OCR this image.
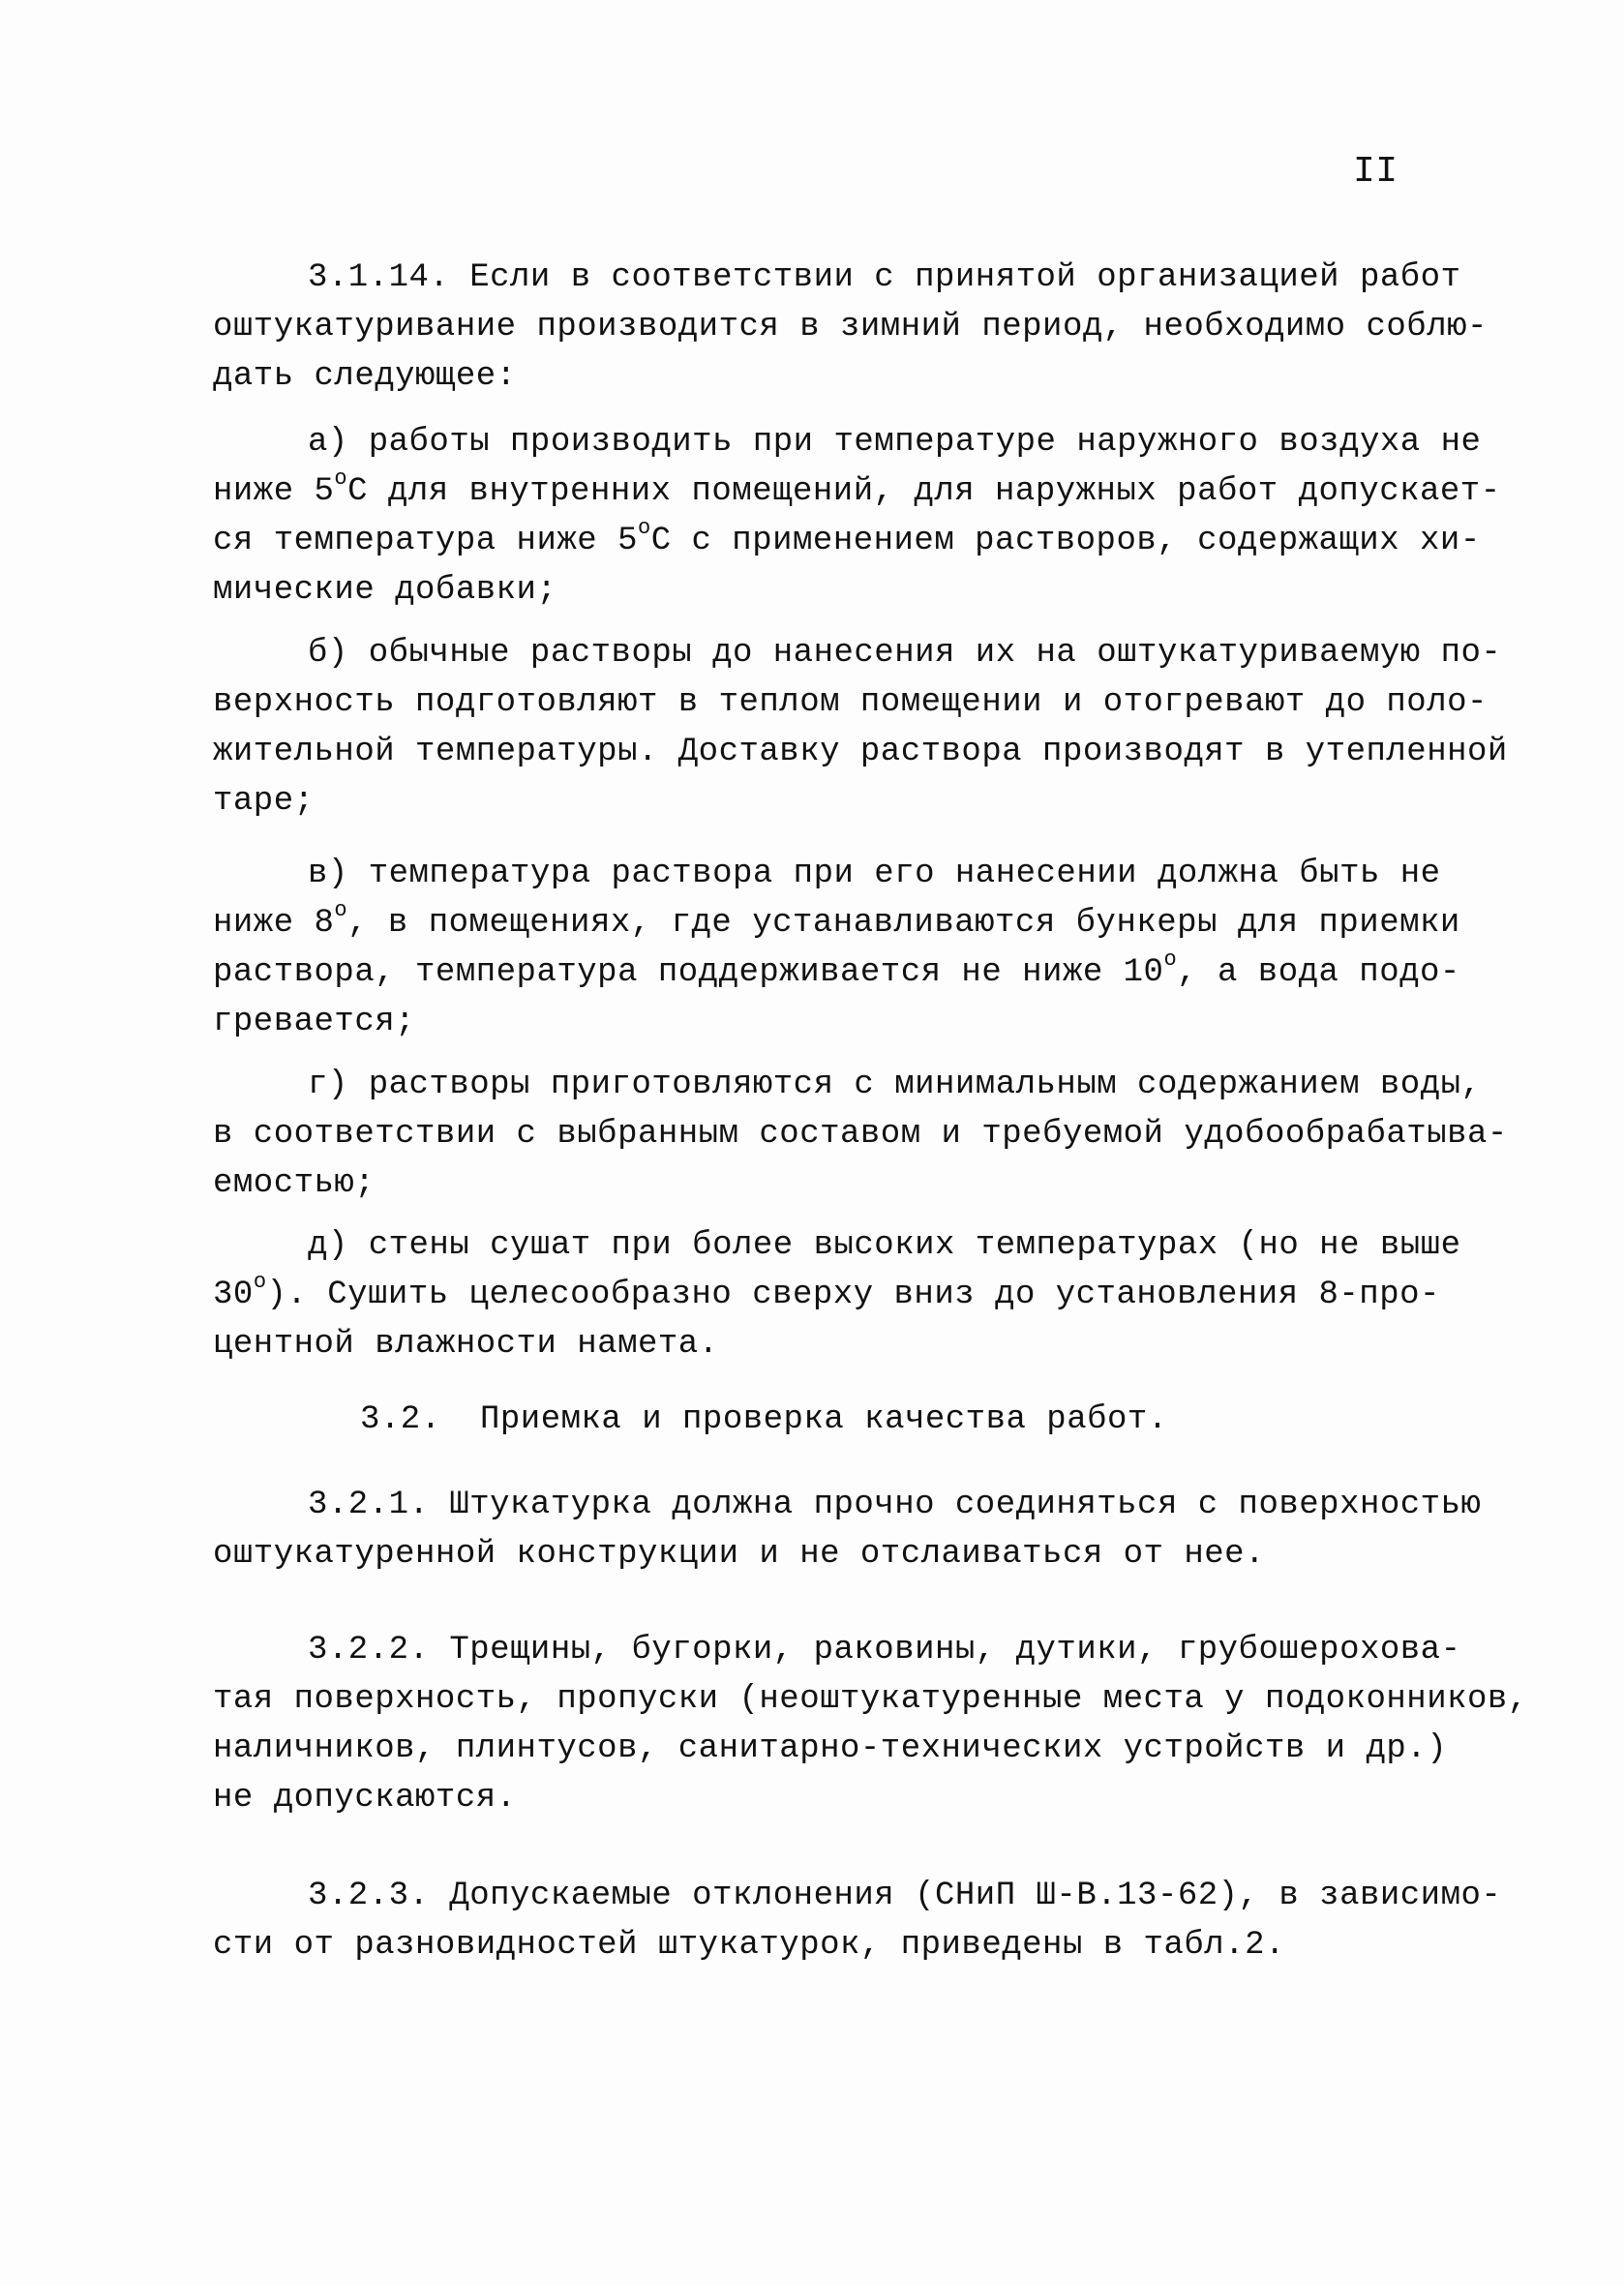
II
3.1.14. Если в соответствии с принятой организацией работ
оштукатуривание производится в зимний период, необходимо соблю-
дать следующее:
а) работы производить при температуре наружного воздуха не
ниже $5^оС$ для внутренних помещений, для наружных работ допускает-
ся температура ниже $5^оС$ с применением растворов, содержащих хи-
мические добавки;
б) обычные растворы до нанесения их на оштукатуриваемую по-
верхность подготовляют в теплом помещении и отогревают до поло-
жительной температуры. Доставку раствора производят в утепленной
таре;
в) температура раствора при его нанесении должна быть не
ниже $8^о$, в помещениях, где устанавливаются бункеры для приемки
раствора, температура поддерживается не ниже $10^о$, а вода подо-
гревается;
г) растворы приготовляются с минимальным содержанием воды,
в соответствии с выбранным составом и требуемой удобообрабатыва-
емостью;
д) стены сушат при более высоких температурах (но не выше
$30^о$). Сушить целесообразно сверху вниз до установления 8-про-
центной влажности намета.
3.2. Приемка и проверка качества работ.
3.2.1. Штукатурка должна прочно соединяться с поверхностью
оштукатуренной конструкции и не отслаиваться от нее.
3.2.2. Трещины, бугорки, раковины, дутики, грубошерохова-
тая поверхность, пропуски (неоштукатуренные места у подоконников,
наличников, плинтусов, санитарно-технических устройств и др.)
не допускаются.
3.2.3. Допускаемые отклонения (СНиП Ш-В.13-62), в зависимо-
сти от разновидностей штукатурок, приведены в табл.2.
